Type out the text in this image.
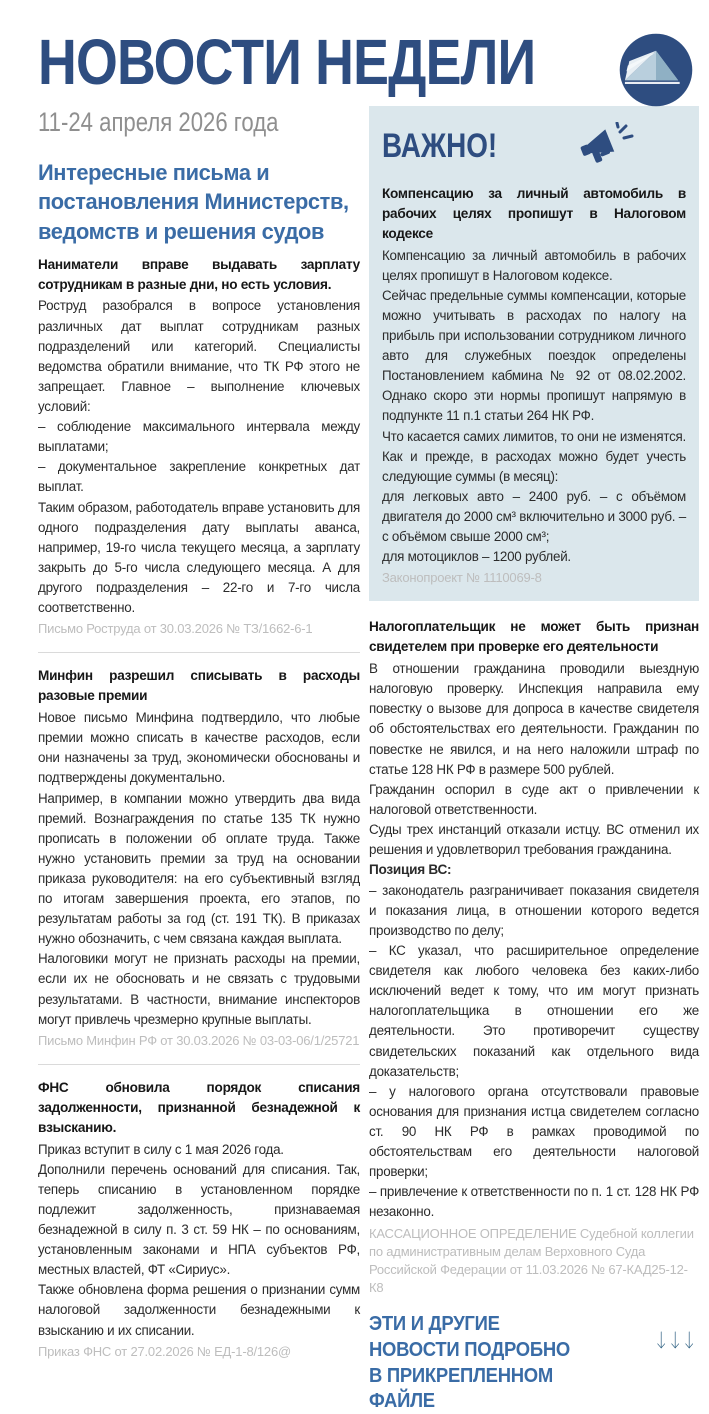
НОВОСТИ НЕДЕЛИ
11-24 апреля 2026 года
Интересные письма и постановления Министерств, ведомств и решения судов

Наниматели вправе выдавать зарплату сотрудникам в разные дни, но есть условия.

Роструд разобрался в вопросе установления различных дат выплат сотрудникам разных подразделений или категорий. Специалисты ведомства обратили внимание, что ТК РФ этого не запрещает. Главное – выполнение ключевых условий:

– соблюдение максимального интервала между выплатами;

– документальное закрепление конкретных дат выплат.

Таким образом, работодатель вправе установить для одного подразделения дату выплаты аванса, например, 19-го числа текущего месяца, а зарплату закрыть до 5-го числа следующего месяца. А для другого подразделения – 22-го и 7-го числа соответственно.

Письмо Роструда от 30.03.2026 № ТЗ/1662-6-1

Минфин разрешил списывать в расходы разовые премии

Новое письмо Минфина подтвердило, что любые премии можно списать в качестве расходов, если они назначены за труд, экономически обоснованы и подтверждены документально.

Например, в компании можно утвердить два вида премий. Вознаграждения по статье 135 ТК нужно прописать в положении об оплате труда. Также нужно установить премии за труд на основании приказа руководителя: на его субъективный взгляд по итогам завершения проекта, его этапов, по результатам работы за год (ст. 191 ТК). В приказах нужно обозначить, с чем связана каждая выплата.

Налоговики могут не признать расходы на премии, если их не обосновать и не связать с трудовыми результатами. В частности, внимание инспекторов могут привлечь чрезмерно крупные выплаты.

Письмо Минфин РФ от 30.03.2026 № 03-03-06/1/25721

ФНС обновила порядок списания задолженности, признанной безнадежной к взысканию.

Приказ вступит в силу с 1 мая 2026 года.

Дополнили перечень оснований для списания. Так, теперь списанию в установленном порядке подлежит задолженность, признаваемая безнадежной в силу п. 3 ст. 59 НК – по основаниям, установленным законами и НПА субъектов РФ, местных властей, ФТ «Сириус».

Также обновлена форма решения о признании сумм налоговой задолженности безнадежными к взысканию и их списании.

Приказ ФНС от 27.02.2026 № ЕД-1-8/126@
ВАЖНО!

Компенсацию за личный автомобиль в рабочих целях пропишут в Налоговом кодексе

Компенсацию за личный автомобиль в рабочих целях пропишут в Налоговом кодексе.

Сейчас предельные суммы компенсации, которые можно учитывать в расходах по налогу на прибыль при использовании сотрудником личного авто для служебных поездок определены Постановлением кабмина № 92 от 08.02.2002. Однако скоро эти нормы пропишут напрямую в подпункте 11 п.1 статьи 264 НК РФ.

Что касается самих лимитов, то они не изменятся. Как и прежде, в расходах можно будет учесть следующие суммы (в месяц):

для легковых авто – 2400 руб. – с объёмом двигателя до 2000 см³ включительно и 3000 руб. – с объёмом свыше 2000 см³;

для мотоциклов – 1200 рублей.

Законопроект № 1110069-8

Налогоплательщик не может быть признан свидетелем при проверке его деятельности

В отношении гражданина проводили выездную налоговую проверку. Инспекция направила ему повестку о вызове для допроса в качестве свидетеля об обстоятельствах его деятельности. Гражданин по повестке не явился, и на него наложили штраф по статье 128 НК РФ в размере 500 рублей.

Гражданин оспорил в суде акт о привлечении к налоговой ответственности.

Суды трех инстанций отказали истцу. ВС отменил их решения и удовлетворил требования гражданина.

Позиция ВС:

– законодатель разграничивает показания свидетеля и показания лица, в отношении которого ведется производство по делу;

– КС указал, что расширительное определение свидетеля как любого человека без каких-либо исключений ведет к тому, что им могут признать налогоплательщика в отношении его же деятельности. Это противоречит существу свидетельских показаний как отдельного вида доказательств;

– у налогового органа отсутствовали правовые основания для признания истца свидетелем согласно ст. 90 НК РФ в рамках проводимой по обстоятельствам его деятельности налоговой проверки;

– привлечение к ответственности по п. 1 ст. 128 НК РФ незаконно.

КАССАЦИОННОЕ ОПРЕДЕЛЕНИЕ Судебной коллегии по административным делам Верховного Суда Российской Федерации от 11.03.2026 № 67-КАД25-12-К8
ЭТИ И ДРУГИЕ НОВОСТИ ПОДРОБНО В ПРИКРЕПЛЕННОМ ФАЙЛЕ
